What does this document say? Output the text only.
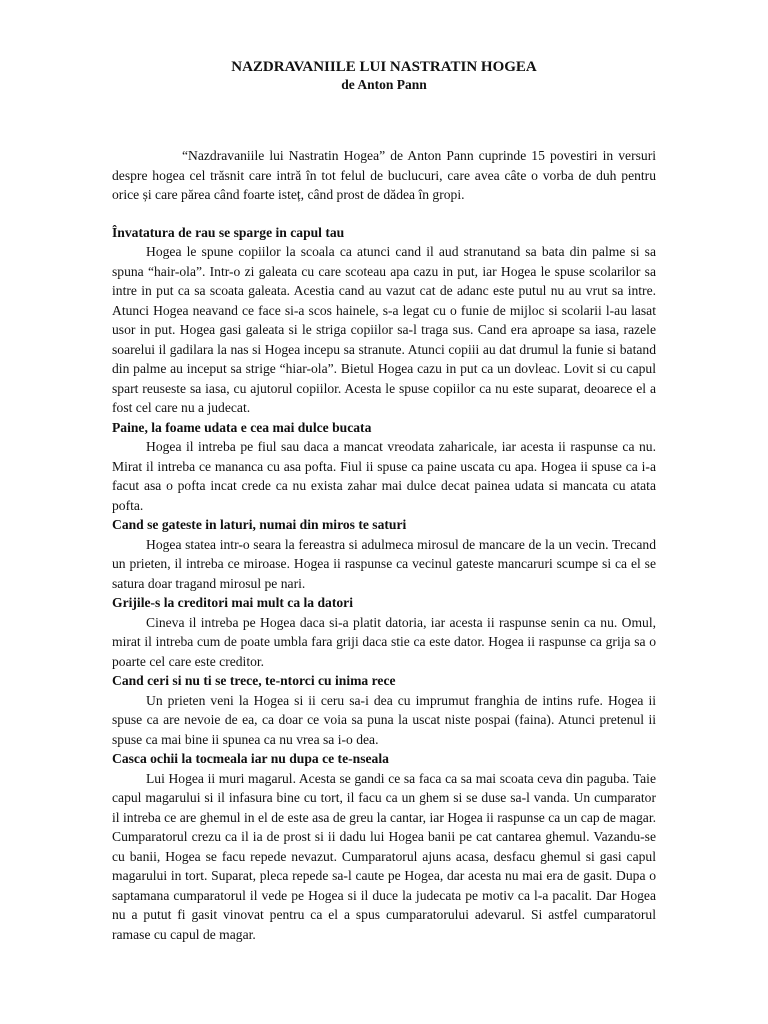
NAZDRAVANIILE LUI NASTRATIN HOGEA
de Anton Pann

“Nazdravaniile lui Nastratin Hogea” de Anton Pann cuprinde 15 povestiri in versuri despre hogea cel trăsnit care intră în tot felul de buclucuri, care avea câte o vorba de duh pentru orice și care părea când foarte isteț, când prost de dădea în gropi.

Învatatura de rau se sparge in capul tau

Hogea le spune copiilor la scoala ca atunci cand il aud stranutand sa bata din palme si sa spuna “hair-ola”. Intr-o zi galeata cu care scoteau apa cazu in put, iar Hogea le spuse scolarilor sa intre in put ca sa scoata galeata. Acestia cand au vazut cat de adanc este putul nu au vrut sa intre. Atunci Hogea neavand ce face si-a scos hainele, s-a legat cu o funie de mijloc si scolarii l-au lasat usor in put. Hogea gasi galeata si le striga copiilor sa-l traga sus. Cand era aproape sa iasa, razele soarelui il gadilara la nas si Hogea incepu sa stranute. Atunci copiii au dat drumul la funie si batand din palme au inceput sa strige “hiar-ola”. Bietul Hogea cazu in put ca un dovleac. Lovit si cu capul spart reuseste sa iasa, cu ajutorul copiilor. Acesta le spuse copiilor ca nu este suparat, deoarece el a fost cel care nu a judecat.

Paine, la foame udata e cea mai dulce bucata

Hogea il intreba pe fiul sau daca a mancat vreodata zaharicale, iar acesta ii raspunse ca nu. Mirat il intreba ce mananca cu asa pofta. Fiul ii spuse ca paine uscata cu apa. Hogea ii spuse ca i-a facut asa o pofta incat crede ca nu exista zahar mai dulce decat painea udata si mancata cu atata pofta.

Cand se gateste in laturi, numai din miros te saturi

Hogea statea intr-o seara la fereastra si adulmeca mirosul de mancare de la un vecin. Trecand un prieten, il intreba ce miroase. Hogea ii raspunse ca vecinul gateste mancaruri scumpe si ca el se satura doar tragand mirosul pe nari.

Grijile-s la creditori mai mult ca la datori

Cineva il intreba pe Hogea daca si-a platit datoria, iar acesta ii raspunse senin ca nu. Omul, mirat il intreba cum de poate umbla fara griji daca stie ca este dator. Hogea ii raspunse ca grija sa o poarte cel care este creditor.

Cand ceri si nu ti se trece, te-ntorci cu inima rece

Un prieten veni la Hogea si ii ceru sa-i dea cu imprumut franghia de intins rufe. Hogea ii spuse ca are nevoie de ea, ca doar ce voia sa puna la uscat niste pospai (faina). Atunci pretenul ii spuse ca mai bine ii spunea ca nu vrea sa i-o dea.

Casca ochii la tocmeala iar nu dupa ce te-nseala

Lui Hogea ii muri magarul. Acesta se gandi ce sa faca ca sa mai scoata ceva din paguba. Taie capul magarului si il infasura bine cu tort, il facu ca un ghem si se duse sa-l vanda. Un cumparator il intreba ce are ghemul in el de este asa de greu la cantar, iar Hogea ii raspunse ca un cap de magar. Cumparatorul crezu ca il ia de prost si ii dadu lui Hogea banii pe cat cantarea ghemul. Vazandu-se cu banii, Hogea se facu repede nevazut. Cumparatorul ajuns acasa, desfacu ghemul si gasi capul magarului in tort. Suparat, pleca repede sa-l caute pe Hogea, dar acesta nu mai era de gasit. Dupa o saptamana cumparatorul il vede pe Hogea si il duce la judecata pe motiv ca l-a pacalit. Dar Hogea nu a putut fi gasit vinovat pentru ca el a spus cumparatorului adevarul. Si astfel cumparatorul ramase cu capul de magar.
